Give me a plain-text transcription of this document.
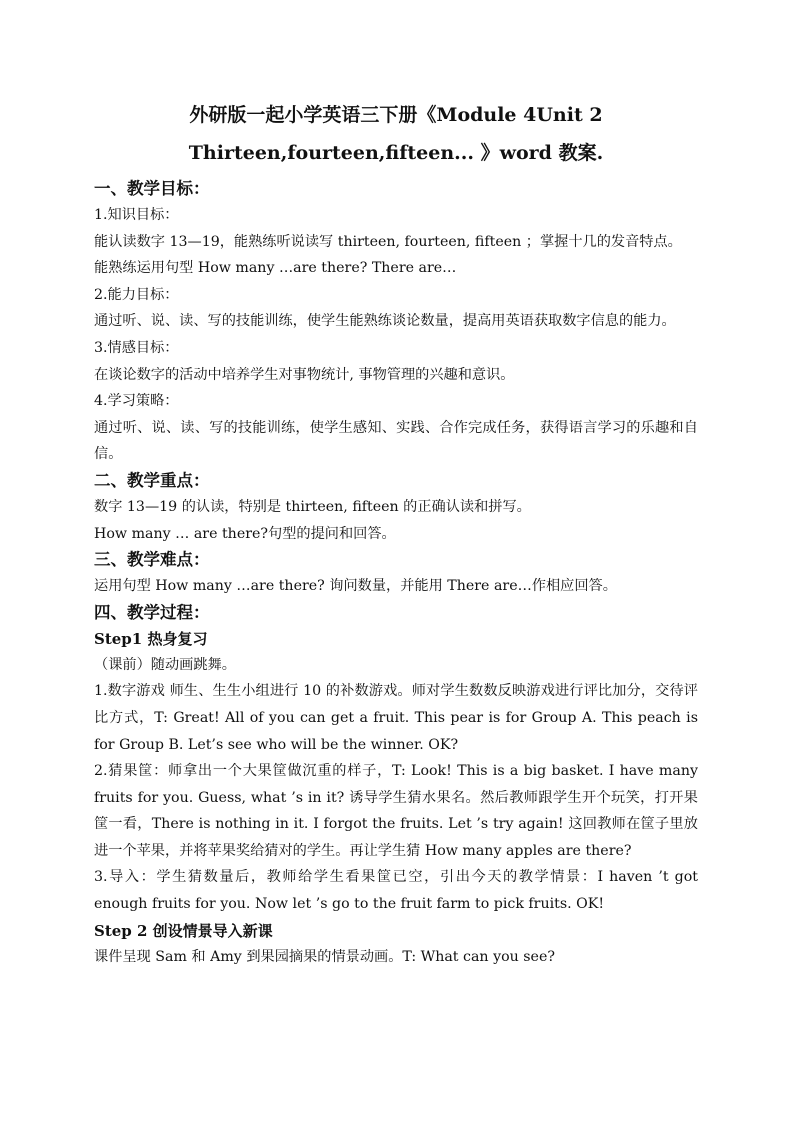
外研版一起小学英语三下册《Module 4Unit 2
Thirteen,fourteen,fifteen... 》word 教案.

一、教学目标：

1.知识目标：

能认读数字 13—19，能熟练听说读写 thirteen, fourteen, fifteen ；掌握十几的发音特点。

能熟练运用句型 How many …are there? There are…

2.能力目标：

通过听、说、读、写的技能训练，使学生能熟练谈论数量，提高用英语获取数字信息的能力。

3.情感目标：

在谈论数字的活动中培养学生对事物统计, 事物管理的兴趣和意识。

4.学习策略：

通过听、说、读、写的技能训练，使学生感知、实践、合作完成任务，获得语言学习的乐趣和自信。

二、教学重点：

数字 13—19 的认读，特别是 thirteen, fifteen 的正确认读和拼写。

How many … are there?句型的提问和回答。

三、教学难点：

运用句型 How many …are there? 询问数量，并能用 There are…作相应回答。

四、教学过程：

Step1 热身复习

（课前）随动画跳舞。

1.数字游戏 师生、生生小组进行 10 的补数游戏。师对学生数数反映游戏进行评比加分，交待评比方式，T: Great! All of you can get a fruit. This pear is for Group A. This peach is for Group B. Let’s see who will be the winner. OK?

2.猜果筐：师拿出一个大果筐做沉重的样子，T: Look! This is a big basket. I have many fruits for you. Guess, what ’s in it? 诱导学生猜水果名。然后教师跟学生开个玩笑，打开果筐一看，There is nothing in it. I forgot the fruits. Let ’s try again! 这回教师在筐子里放进一个苹果，并将苹果奖给猜对的学生。再让学生猜 How many apples are there?

3.导入：学生猜数量后，教师给学生看果筐已空，引出今天的教学情景：I haven ’t got enough fruits for you. Now let ’s go to the fruit farm to pick fruits. OK!

Step 2 创设情景导入新课

课件呈现 Sam 和 Amy 到果园摘果的情景动画。T: What can you see?
